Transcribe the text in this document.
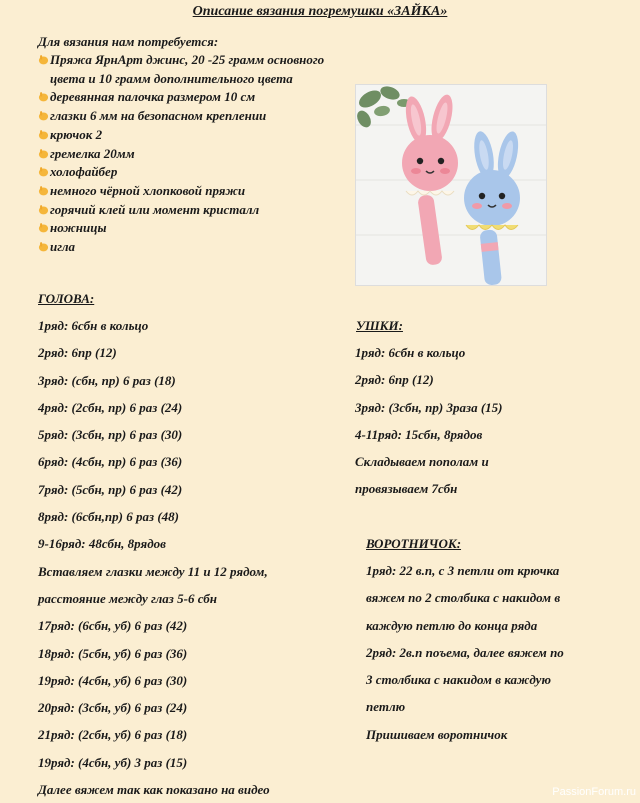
Описание вязания погремушки «ЗАЙКА»
Для вязания нам потребуется:
Пряжа ЯрнАрт джинс, 20 -25 грамм основного цвета и 10 грамм дополнительного цвета
деревянная палочка размером 10 см
глазки 6 мм на безопасном креплении
крючок 2
гремелка 20мм
холофайбер
немного чёрной хлопковой пряжи
горячий клей или момент кристалл
ножницы
игла
ГОЛОВА:
1ряд: 6сбн в кольцо
2ряд: 6пр (12)
3ряд: (сбн, пр) 6 раз (18)
4ряд: (2сбн, пр) 6 раз (24)
5ряд: (3сбн, пр) 6 раз (30)
6ряд: (4сбн, пр) 6 раз (36)
7ряд: (5сбн, пр) 6 раз (42)
8ряд: (6сбн,пр) 6 раз (48)
9-16ряд: 48сбн, 8рядов
Вставляем глазки между 11 и 12 рядом,
расстояние между глаз 5-6 сбн
17ряд: (6сбн, уб) 6 раз (42)
18ряд: (5сбн, уб) 6 раз (36)
19ряд: (4сбн, уб) 6 раз (30)
20ряд: (3сбн, уб) 6 раз (24)
21ряд: (2сбн, уб) 6 раз (18)
19ряд: (4сбн, уб) 3 раз (15)
Далее вяжем так как показано на видео
УШКИ:
1ряд: 6сбн в кольцо
2ряд: 6пр (12)
3ряд: (3сбн, пр) 3раза (15)
4-11ряд: 15сбн, 8рядов
Складываем пополам и
провязываем 7сбн
ВОРОТНИЧОК:
1ряд: 22 в.п, с 3 петли от крючка
вяжем по 2 столбика с накидом в
каждую петлю до конца ряда
2ряд: 2в.п поъема, далее вяжем по
3 столбика с накидом в каждую
петлю
Пришиваем воротничок
PassionForum.ru
